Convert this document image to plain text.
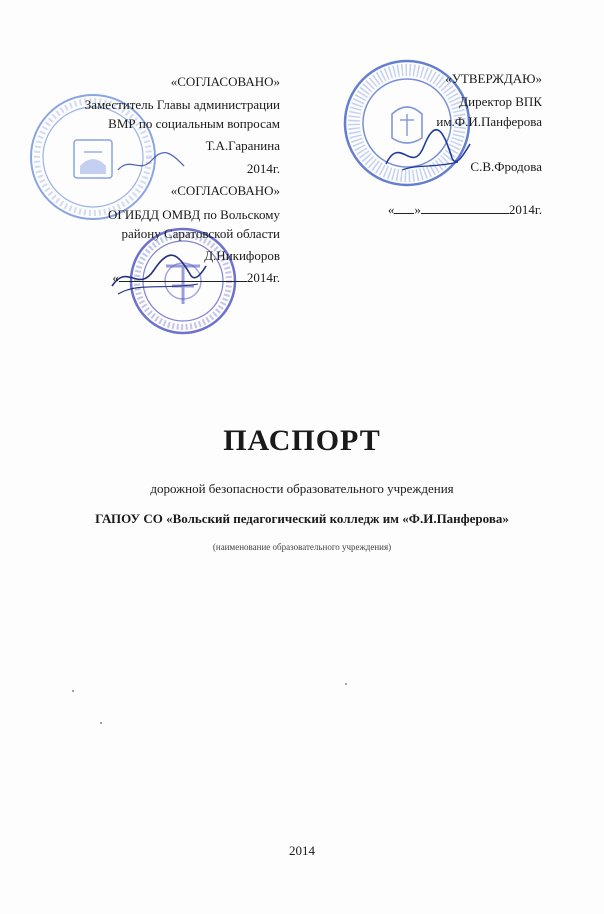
«СОГЛАСОВАНО»
Заместитель Главы администрации
ВМР по социальным вопросам
Т.А.Гаранина
2014г.
«СОГЛАСОВАНО»
ОГИБДД ОМВД по Вольскому
району Саратовской области
Д.Никифоров
«	2014г.
«УТВЕРЖДАЮ»
Директор ВПК
им.Ф.И.Панферова
С.В.Фродова
« »	2014г.
ПАСПОРТ
дорожной безопасности образовательного учреждения
ГАПОУ СО «Вольский педагогический колледж им «Ф.И.Панферова»
(наименование образовательного учреждения)
2014
